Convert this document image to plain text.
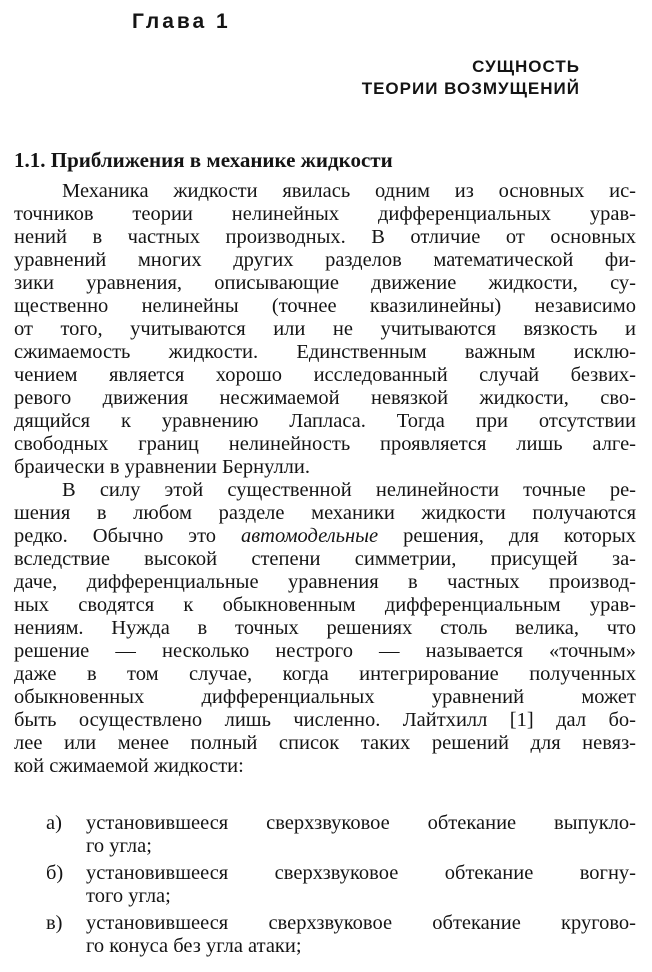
Глава 1
СУЩНОСТЬ
ТЕОРИИ ВОЗМУЩЕНИЙ
1.1. Приближения в механике жидкости
Механика жидкости явилась одним из основных ис-
точников теории нелинейных дифференциальных урав-
нений в частных производных. В отличие от основных
уравнений многих других разделов математической фи-
зики уравнения, описывающие движение жидкости, су-
щественно нелинейны (точнее квазилинейны) независимо
от того, учитываются или не учитываются вязкость и
сжимаемость жидкости. Единственным важным исклю-
чением является хорошо исследованный случай безвих-
ревого движения несжимаемой невязкой жидкости, сво-
дящийся к уравнению Лапласа. Тогда при отсутствии
свободных границ нелинейность проявляется лишь алге-
браически в уравнении Бернулли.
В силу этой существенной нелинейности точные ре-
шения в любом разделе механики жидкости получаются
редко. Обычно это автомодельные решения, для которых
вследствие высокой степени симметрии, присущей за-
даче, дифференциальные уравнения в частных производ-
ных сводятся к обыкновенным дифференциальным урав-
нениям. Нужда в точных решениях столь велика, что
решение — несколько нестрого — называется «точным»
даже в том случае, когда интегрирование полученных
обыкновенных дифференциальных уравнений может
быть осуществлено лишь численно. Лайтхилл [1] дал бо-
лее или менее полный список таких решений для невяз-
кой сжимаемой жидкости:
а) установившееся сверхзвуковое обтекание выпукло-
го угла;
б) установившееся сверхзвуковое обтекание вогну-
того угла;
в) установившееся сверхзвуковое обтекание кругово-
го конуса без угла атаки;
